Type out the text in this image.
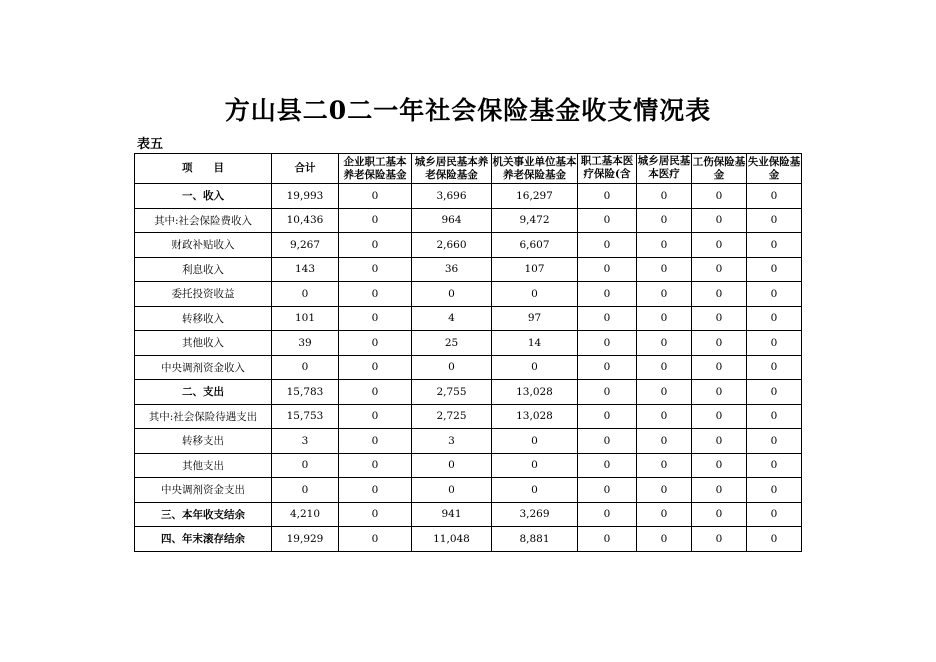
方山县二0二一年社会保险基金收支情况表
表五
项　　目	合计	企业职工基本养老保险基金	城乡居民基本养老保险基金	机关事业单位基本养老保险基金	职工基本医疗保险(含	城乡居民基本医疗	工伤保险基金	失业保险基金
一、收入	19,993	0	3,696	16,297	0	0	0	0
其中:社会保险费收入	10,436	0	964	9,472	0	0	0	0
财政补贴收入	9,267	0	2,660	6,607	0	0	0	0
利息收入	143	0	36	107	0	0	0	0
委托投资收益	0	0	0	0	0	0	0	0
转移收入	101	0	4	97	0	0	0	0
其他收入	39	0	25	14	0	0	0	0
中央调剂资金收入	0	0	0	0	0	0	0	0
二、支出	15,783	0	2,755	13,028	0	0	0	0
其中:社会保险待遇支出	15,753	0	2,725	13,028	0	0	0	0
转移支出	3	0	3	0	0	0	0	0
其他支出	0	0	0	0	0	0	0	0
中央调剂资金支出	0	0	0	0	0	0	0	0
三、本年收支结余	4,210	0	941	3,269	0	0	0	0
四、年末滚存结余	19,929	0	11,048	8,881	0	0	0	0
